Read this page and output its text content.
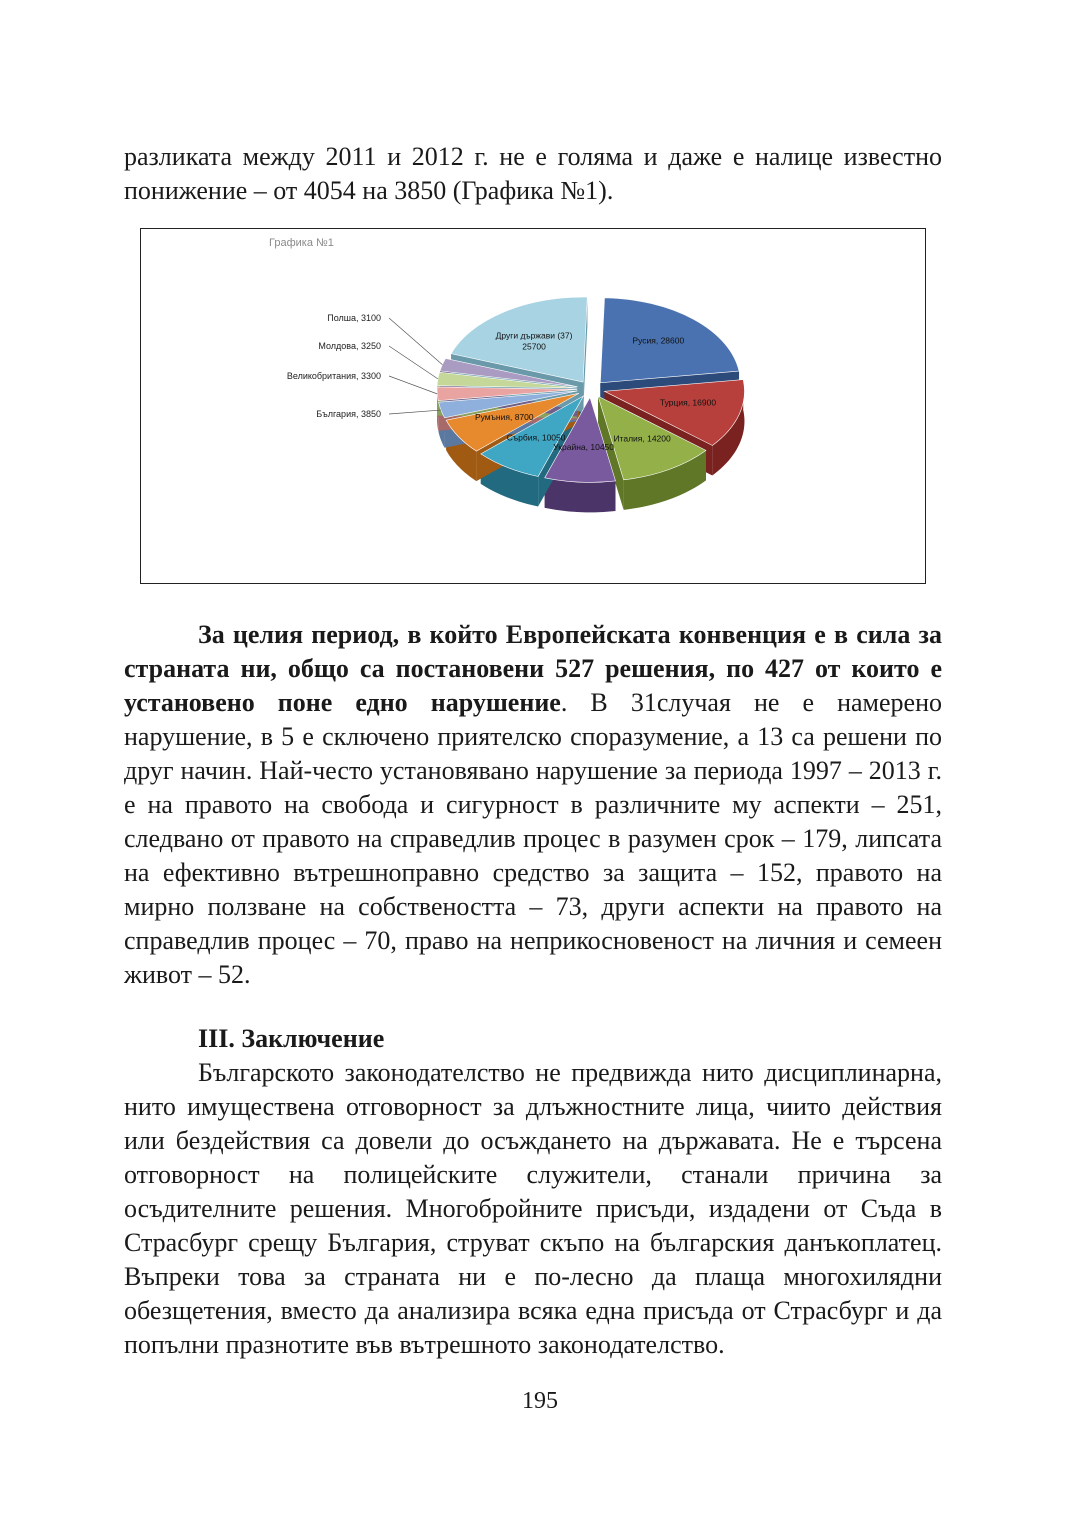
разликата между 2011 и 2012 г. не е голяма и даже е налице известно понижение – от 4054 на 3850 (Графика №1).

Графика №1
Русия, 28600
Турция, 16900
Италия, 14200
Украйна, 10450
Сърбия, 10050
Румъния, 8700
България, 3850
Великобритания, 3300
Молдова, 3250
Полша, 3100
Други държави (37) 25700

За целия период, в който Европейската конвенция е в сила за страната ни, общо са постановени 527 решения, по 427 от които е установено поне едно нарушение. В 31случая не е намерено нарушение, в 5 е сключено приятелско споразумение, а 13 са решени по друг начин. Най-често установявано нарушение за периода 1997 – 2013 г. е на правото на свобода и сигурност в различните му аспекти – 251, следвано от правото на справедлив процес в разумен срок – 179, липсата на ефективно вътрешноправно средство за защита – 152, правото на мирно ползване на собствеността – 73, други аспекти на правото на справедлив процес – 70, право на неприкосновеност на личния и семеен живот – 52.

III. Заключение

Българското законодателство не предвижда нито дисциплинарна, нито имуществена отговорност за длъжностните лица, чиито действия или бездействия са довели до осъждането на държавата. Не е търсена отговорност на полицейските служители, станали причина за осъдителните решения. Многобройните присъди, издадени от Съда в Страсбург срещу България, струват скъпо на българския данъкоплатец. Въпреки това за страната ни е по-лесно да плаща многохилядни обезщетения, вместо да анализира всяка една присъда от Страсбург и да попълни празнотите във вътрешното законодателство.

195
